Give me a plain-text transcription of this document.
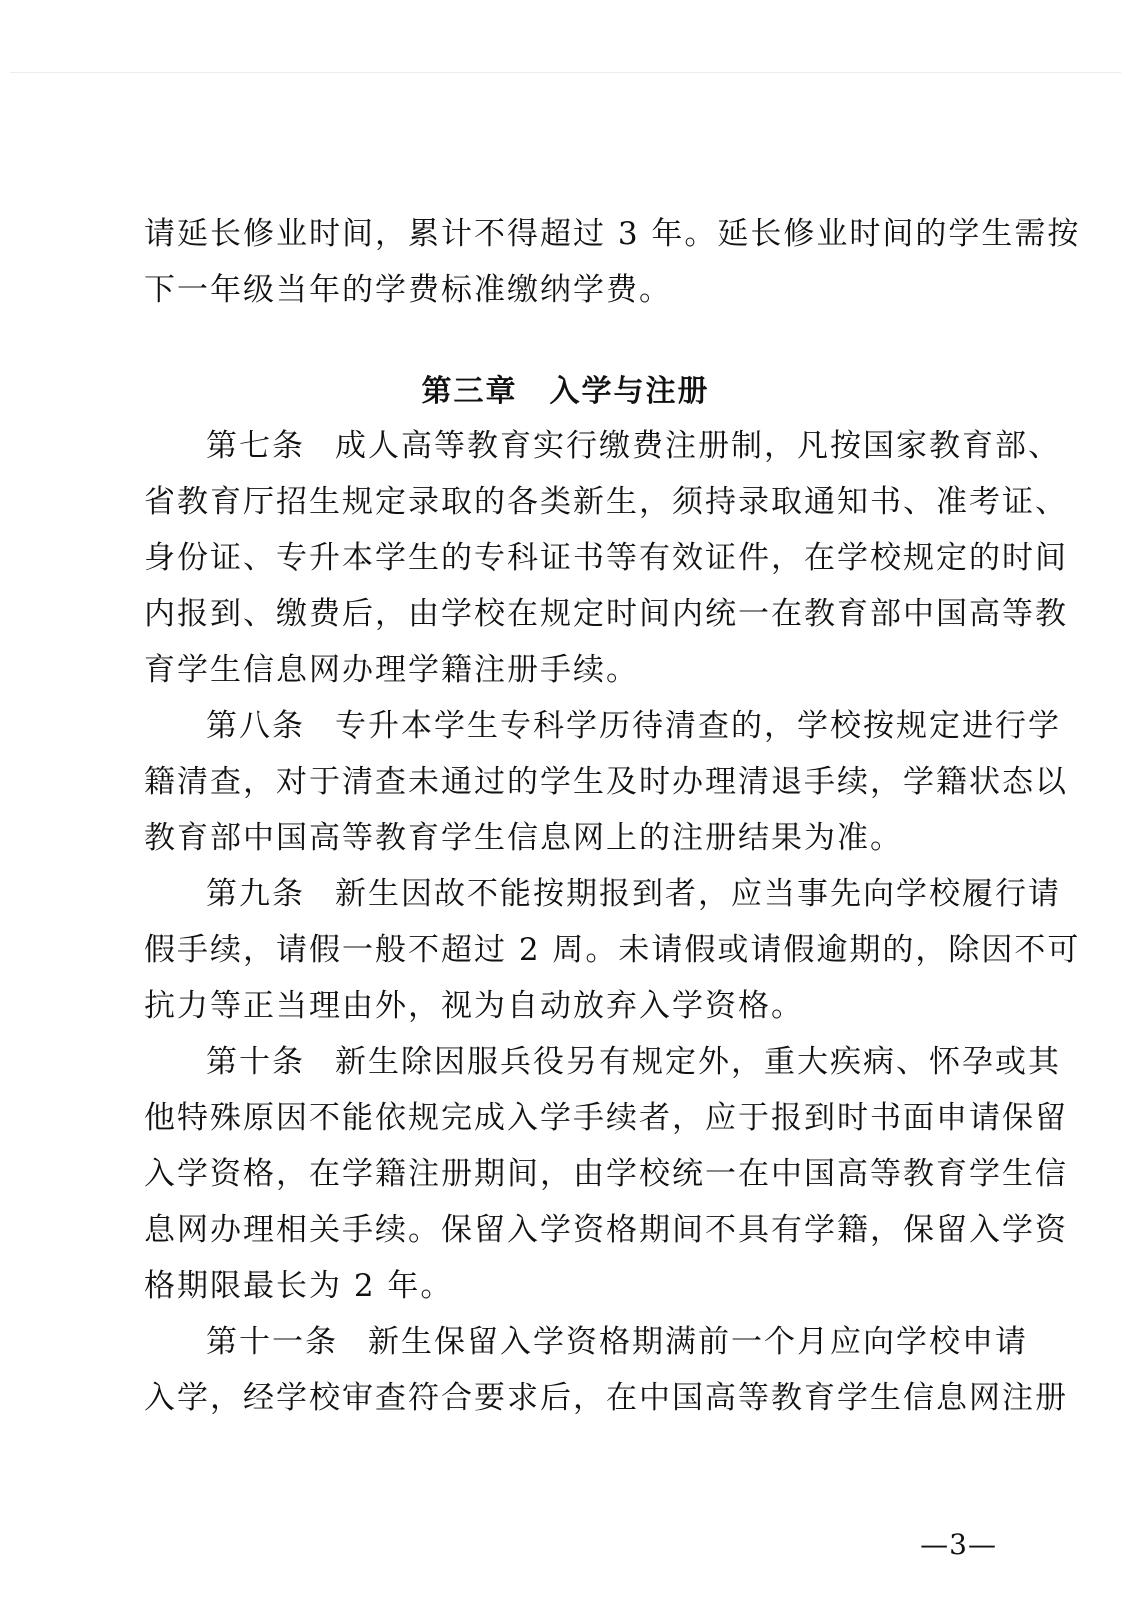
请延长修业时间，累计不得超过 3 年。延长修业时间的学生需按
下一年级当年的学费标准缴纳学费。
第三章 入学与注册
第七条 成人高等教育实行缴费注册制，凡按国家教育部、
省教育厅招生规定录取的各类新生，须持录取通知书、准考证、
身份证、专升本学生的专科证书等有效证件，在学校规定的时间
内报到、缴费后，由学校在规定时间内统一在教育部中国高等教
育学生信息网办理学籍注册手续。
第八条 专升本学生专科学历待清查的，学校按规定进行学
籍清查，对于清查未通过的学生及时办理清退手续，学籍状态以
教育部中国高等教育学生信息网上的注册结果为准。
第九条 新生因故不能按期报到者，应当事先向学校履行请
假手续，请假一般不超过 2 周。未请假或请假逾期的，除因不可
抗力等正当理由外，视为自动放弃入学资格。
第十条 新生除因服兵役另有规定外，重大疾病、怀孕或其
他特殊原因不能依规完成入学手续者，应于报到时书面申请保留
入学资格，在学籍注册期间，由学校统一在中国高等教育学生信
息网办理相关手续。保留入学资格期间不具有学籍，保留入学资
格期限最长为 2 年。
第十一条 新生保留入学资格期满前一个月应向学校申请
入学，经学校审查符合要求后，在中国高等教育学生信息网注册
—3—
